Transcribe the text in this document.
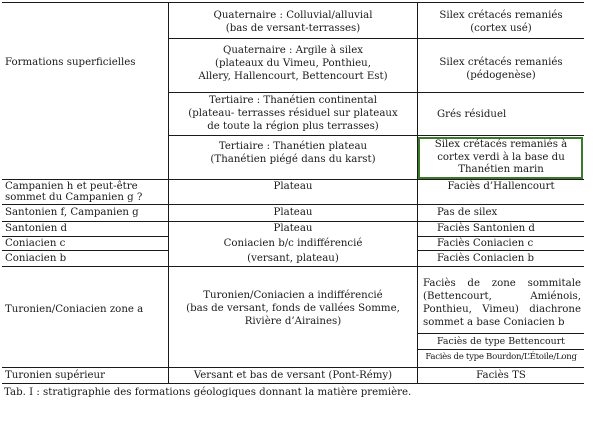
Formations superficielles
Campanien h et peut-être
sommet du Campanien g ?
Santonien f, Campanien g
Santonien d
Coniacien c
Coniacien b
Turonien/Coniacien zone a
Turonien supérieur
Quaternaire : Colluvial/alluvial
(bas de versant-terrasses)
Quaternaire : Argile à silex
(plateaux du Vimeu, Ponthieu,
Allery, Hallencourt, Bettencourt Est)
Tertiaire : Thanétien continental
(plateau- terrasses résiduel sur plateaux
de toute la région plus terrasses)
Tertiaire : Thanétien plateau
(Thanétien piégé dans du karst)
Plateau
Plateau
Plateau
Coniacien b/c indifférencié
(versant, plateau)
Turonien/Coniacien a indifférencié
(bas de versant, fonds de vallées Somme,
Rivière d’Airaines)
Versant et bas de versant (Pont-Rémy)
Silex crétacés remaniés
(cortex usé)
Silex crétacés remaniés
(pédogenèse)
Grés résiduel
Silex crétacés remaniés à
cortex verdi à la base du
Thanétien marin
Faciès d’Hallencourt
Pas de silex
Faciès Santonien d
Faciès Coniacien c
Faciès Coniacien b
Faciès de zone sommitale (Bettencourt, Amiénois, Ponthieu, Vimeu) diachrone sommet a base Coniacien b
Faciès de type Bettencourt
Faciès de type Bourdon/L’Étoile/Long
Faciès TS
Tab. I : stratigraphie des formations géologiques donnant la matière première.
